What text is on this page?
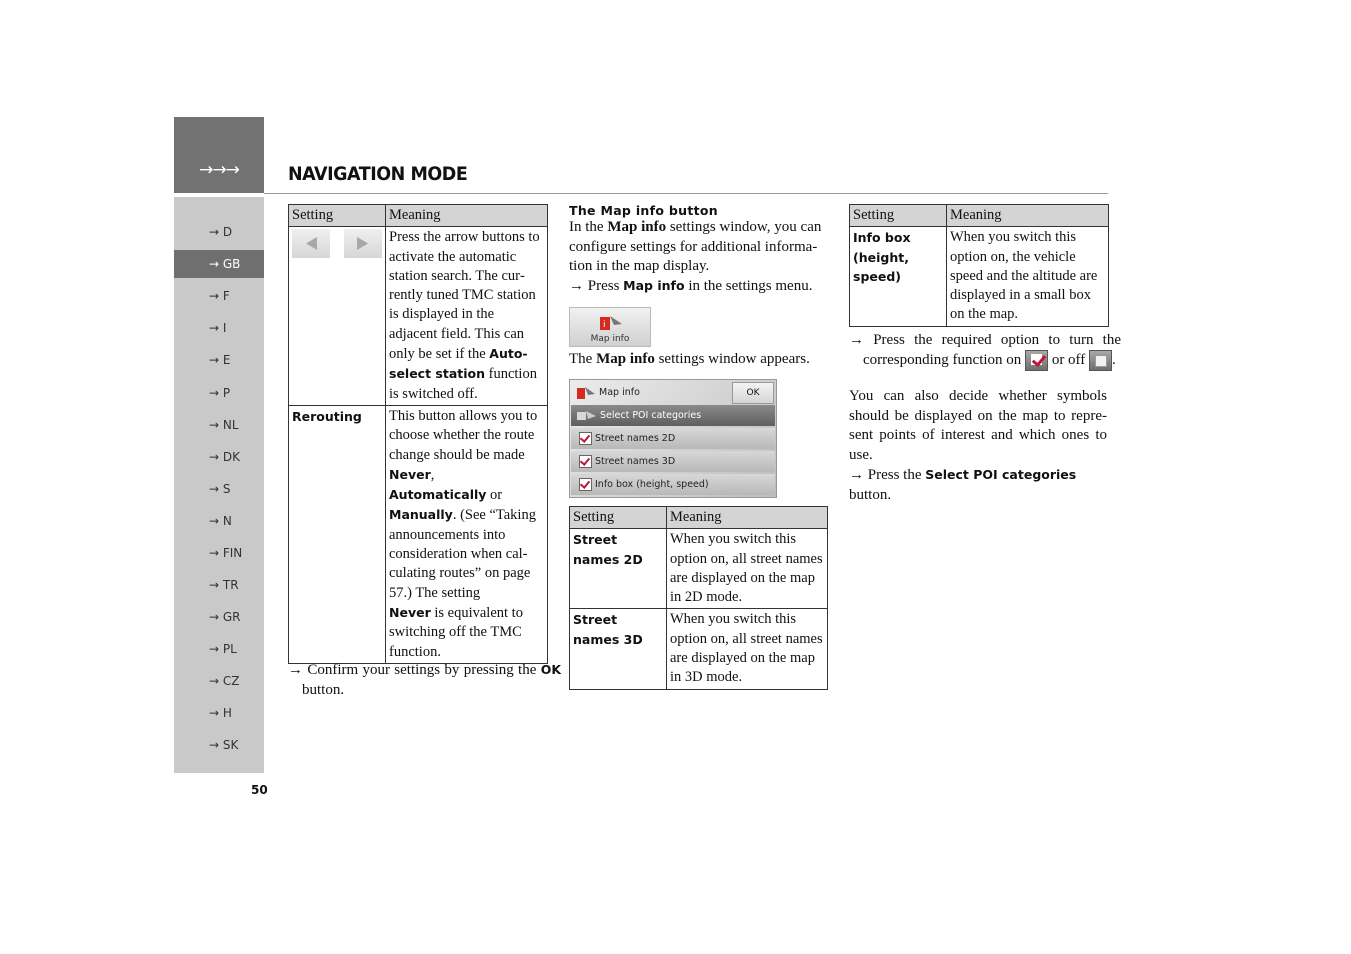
→→→	NAVIGATION MODE
→ D
→ GB
→ F
→ I
→ E
→ P
→ NL
→ DK
→ S
→ N
→ FIN
→ TR
→ GR
→ PL
→ CZ
→ H
→ SK
50
Setting	Meaning

	Press the arrow buttons to activate the automatic station search. The currently tuned TMC station is displayed in the adjacent field. This can only be set if the Auto-select station function is switched off.
Rerouting	This button allows you to choose whether the route change should be made Never,
Automatically or
Manually. (See “Taking announcements into consideration when calculating routes” on page 57.) The setting
Never is equivalent to switching off the TMC function.
→ Confirm your settings by pressing the OK button.
The Map info button
In the Map info settings window, you can configure settings for additional information in the map display.
→ Press Map info in the settings menu.
i
Map info
The Map info settings window appears.
Map info	OK
Select POI categories
Street names 2D
Street names 3D
Info box (height, speed)
Setting	Meaning
Street names 2D	When you switch this option on, all street names are displayed on the map in 2D mode.
Street names 3D	When you switch this option on, all street names are displayed on the map in 3D mode.
Setting	Meaning
Info box (height, speed)	When you switch this option on, the vehicle speed and the altitude are displayed in a small box on the map.
→ Press the required option to turn the corresponding function on  or off .
You can also decide whether symbols should be displayed on the map to represent points of interest and which ones to use.
→ Press the Select POI categories button.
